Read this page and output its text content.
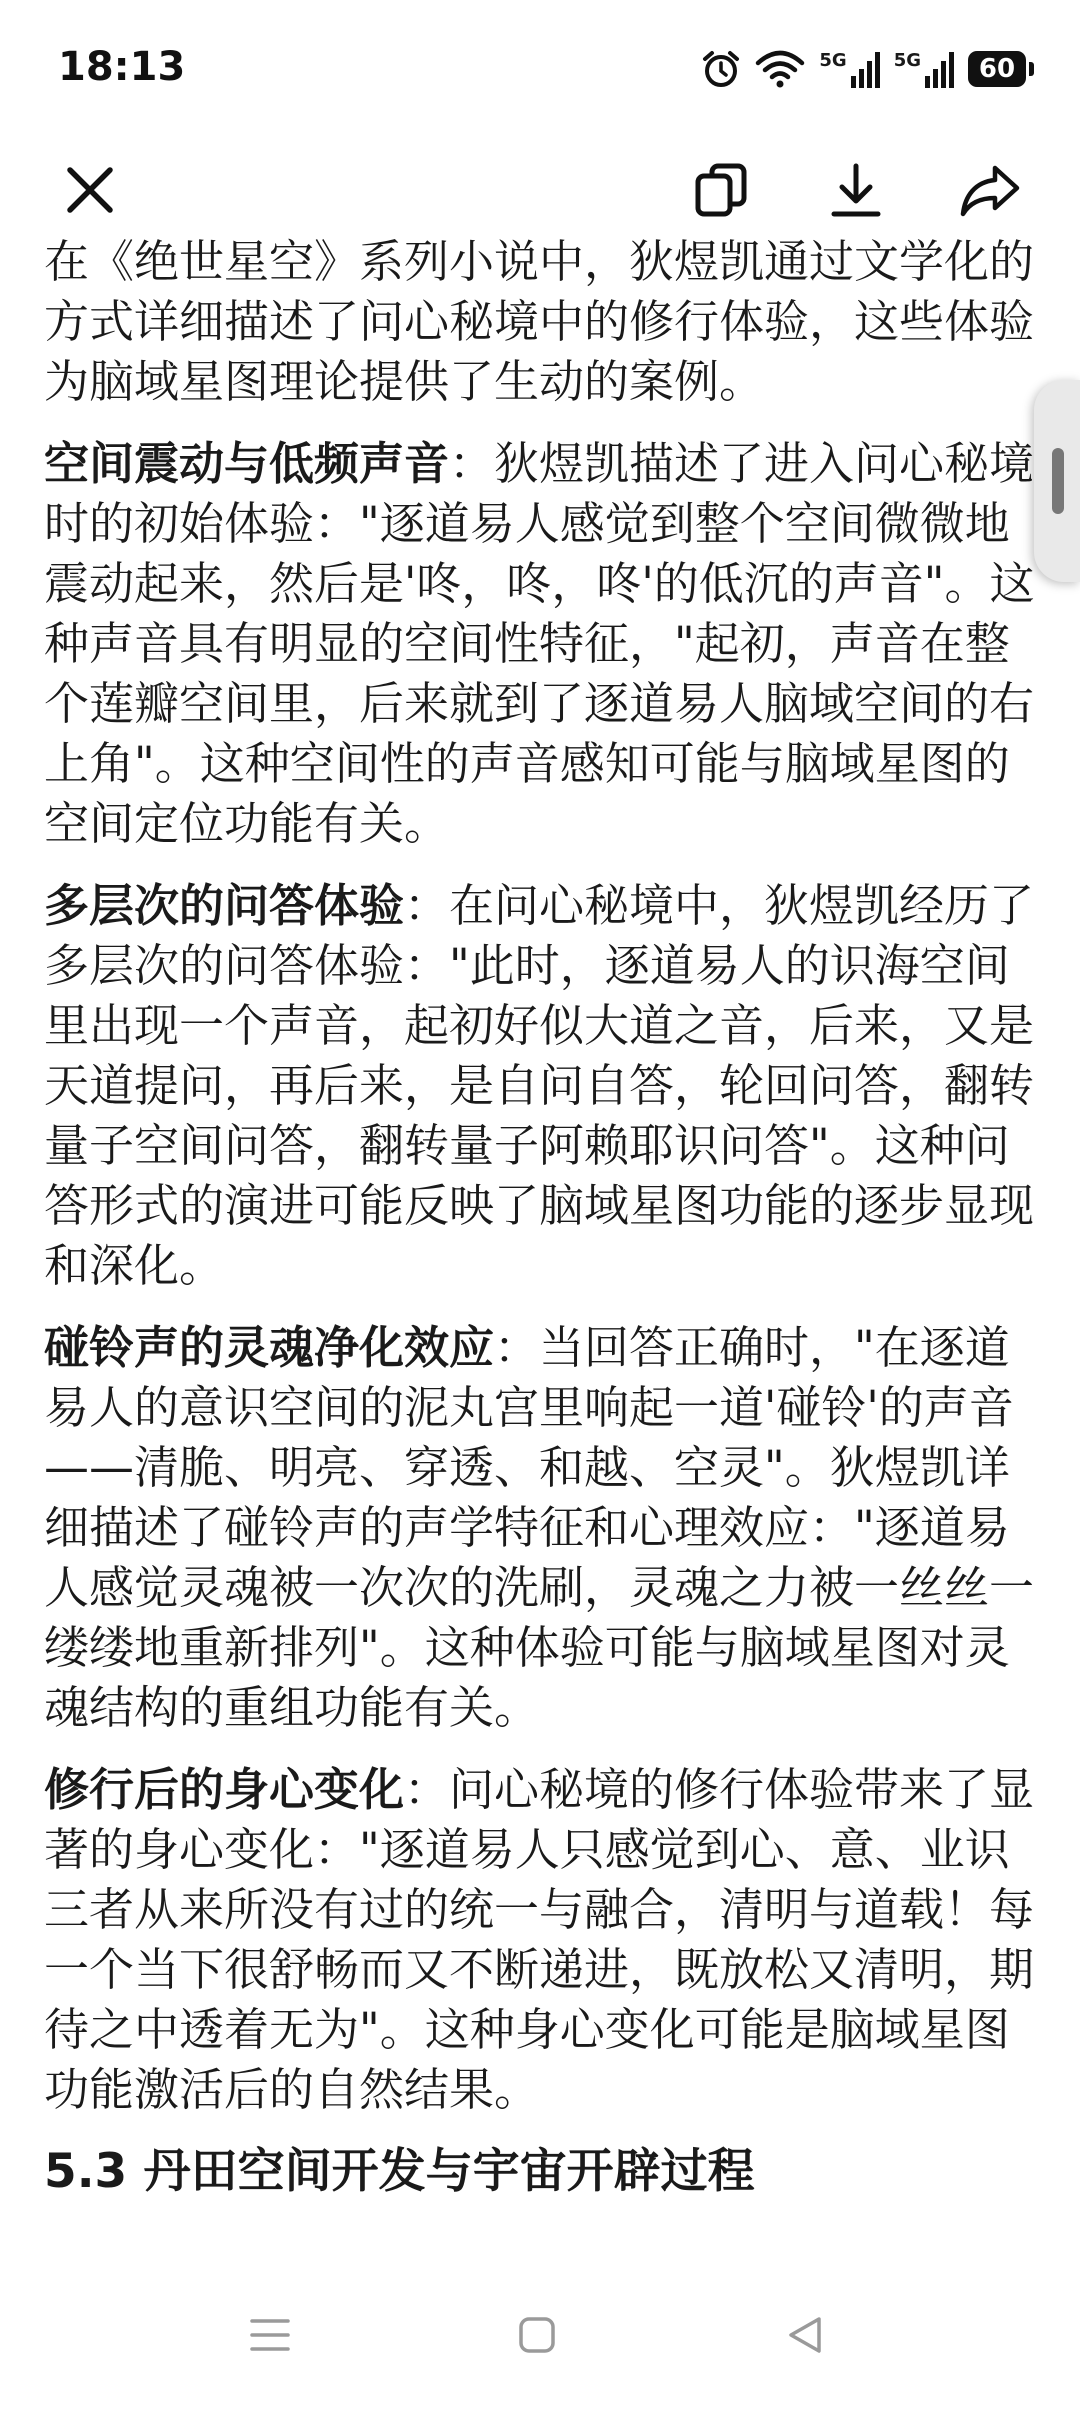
18:13	5G	5G	60

在《绝世星空》系列小说中，狄煜凯通过文学化的方式详细描述了问心秘境中的修行体验，这些体验为脑域星图理论提供了生动的案例。

空间震动与低频声音：狄煜凯描述了进入问心秘境时的初始体验："逐道易人感觉到整个空间微微地震动起来，然后是'咚，咚，咚'的低沉的声音"。这种声音具有明显的空间性特征，"起初，声音在整个莲瓣空间里，后来就到了逐道易人脑域空间的右上角"。这种空间性的声音感知可能与脑域星图的空间定位功能有关。

多层次的问答体验：在问心秘境中，狄煜凯经历了多层次的问答体验："此时，逐道易人的识海空间里出现一个声音，起初好似大道之音，后来，又是天道提问，再后来，是自问自答，轮回问答，翻转量子空间问答，翻转量子阿赖耶识问答"。这种问答形式的演进可能反映了脑域星图功能的逐步显现和深化。

碰铃声的灵魂净化效应：当回答正确时，"在逐道易人的意识空间的泥丸宫里响起一道'碰铃'的声音——清脆、明亮、穿透、和越、空灵"。狄煜凯详细描述了碰铃声的声学特征和心理效应："逐道易人感觉灵魂被一次次的洗刷，灵魂之力被一丝丝一缕缕地重新排列"。这种体验可能与脑域星图对灵魂结构的重组功能有关。

修行后的身心变化：问心秘境的修行体验带来了显著的身心变化："逐道易人只感觉到心、意、业识三者从来所没有过的统一与融合，清明与道载！每一个当下很舒畅而又不断递进，既放松又清明，期待之中透着无为"。这种身心变化可能是脑域星图功能激活后的自然结果。

5.3 丹田空间开发与宇宙开辟过程
